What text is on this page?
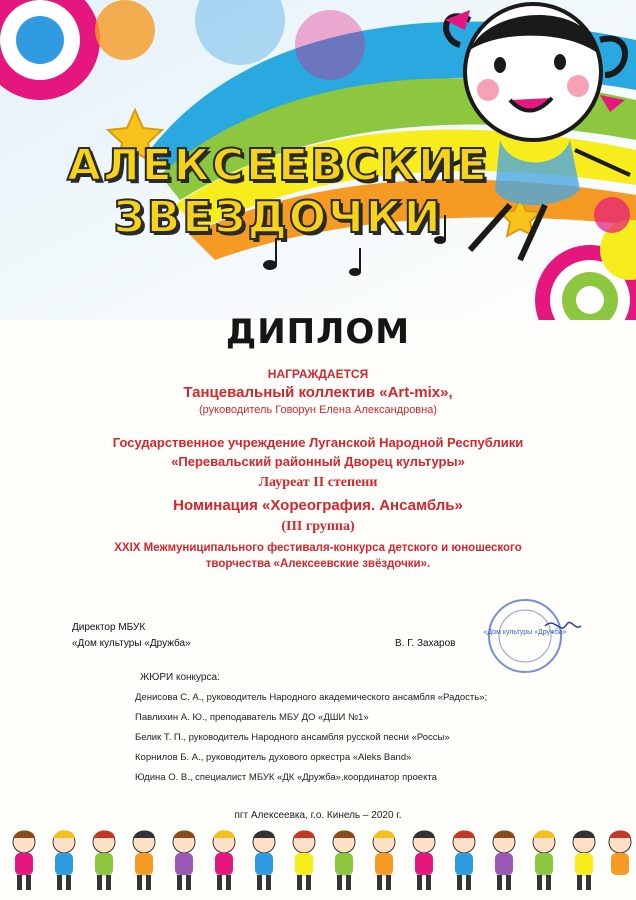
АЛЕКСЕЕВСКИЕ
ЗВЕЗДОЧКИ
ДИПЛОМ
НАГРАЖДАЕТСЯ
Танцевальный коллектив «Art-mix»,
(руководитель Говорун Елена Александровна)
Государственное учреждение Луганской Народной Республики
«Перевальский районный Дворец культуры»
Лауреат II степени
Номинация «Хореография. Ансамбль»
(III группа)
XXIX Межмуниципального фестиваля-конкурса детского и юношеского
творчества «Алексеевские звёздочки».
Директор МБУК
«Дом культуры «Дружба»	В. Г. Захаров
«Дом культуры «Дружба»
ЖЮРИ конкурса:
Денисова С. А., руководитель Народного академического ансамбля «Радость»;
Павлихин А. Ю., преподаватель МБУ ДО «ДШИ №1»
Белик Т. П., руководитель Народного ансамбля русской песни «Россы»
Корнилов Б. А., руководитель духового оркестра «Aleks Band»
Юдина О. В., специалист МБУК «ДК «Дружба»,координатор проекта
пгт Алексеевка, г.о. Кинель – 2020 г.
